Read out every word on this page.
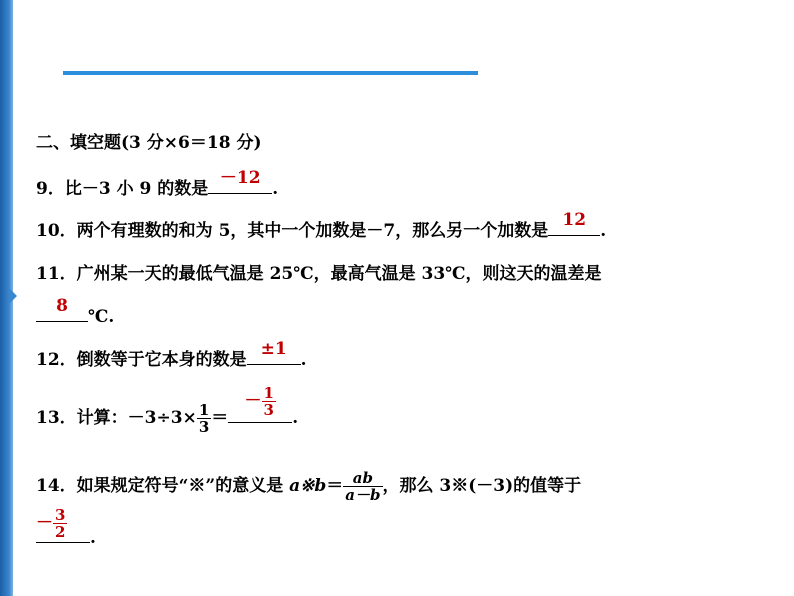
二、填空题(3 分×6＝18 分)
9．比－3 小 9 的数是
－12
.
10．两个有理数的和为 5，其中一个加数是－7，那么另一个加数是
12
.
11．广州某一天的最低气温是 25℃，最高气温是 33℃，则这天的温差是
8
℃.
12．倒数等于它本身的数是
±1
.
13．计算：$-3\div 3\times \frac{1}{3}$ ＝
－ $\frac{1}{3}$ .
14．如果规定符号“※”的意义是 a※b＝ $\frac{ab}{a-b}$ ，那么 3※(－3)的值等于
－ $\frac{3}{2}$ .
